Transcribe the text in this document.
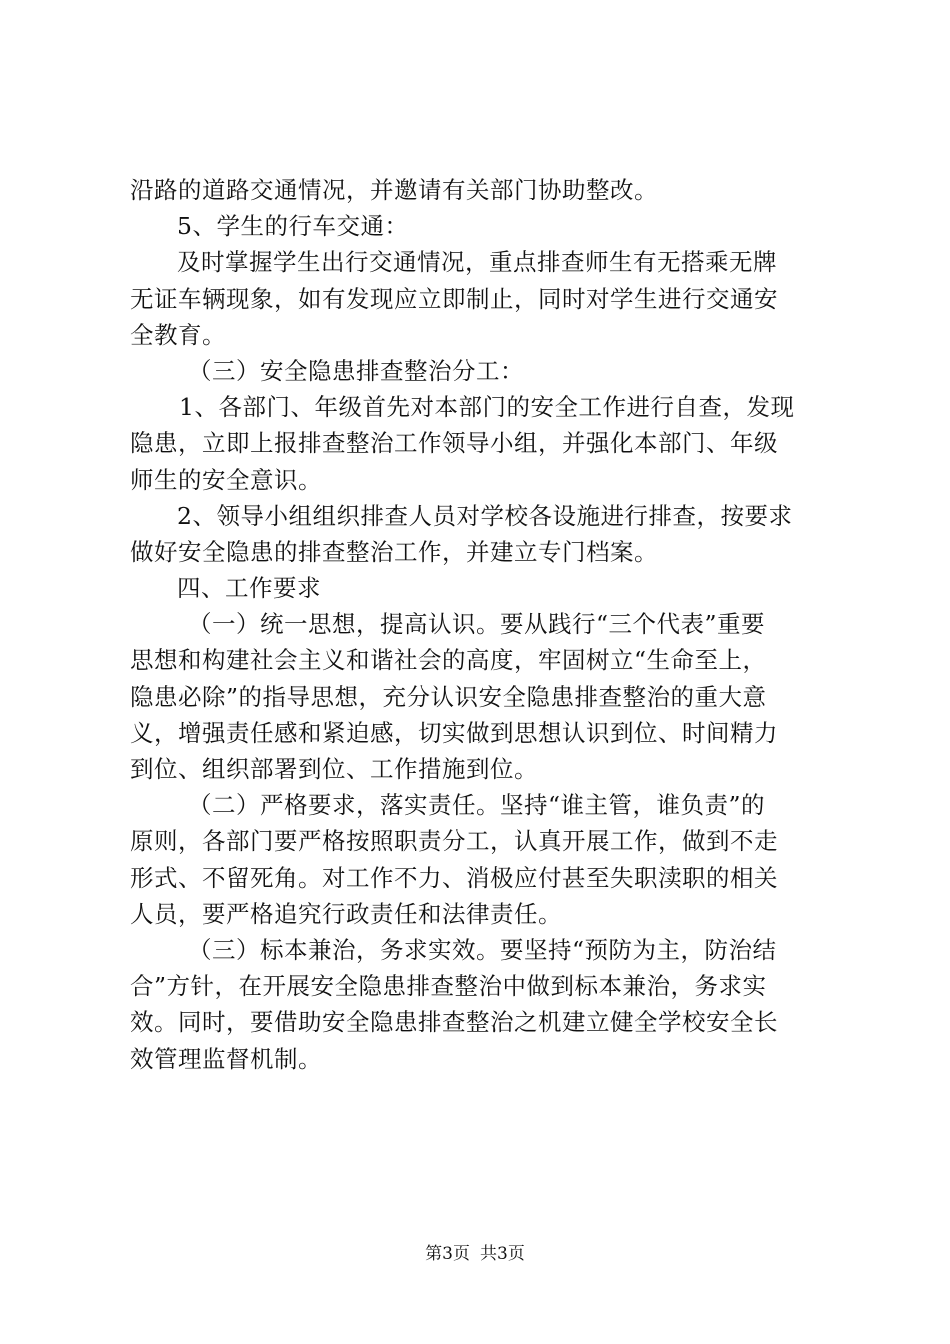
沿路的道路交通情况，并邀请有关部门协助整改。
5、学生的行车交通：
及时掌握学生出行交通情况，重点排查师生有无搭乘无牌
无证车辆现象，如有发现应立即制止，同时对学生进行交通安
全教育。
（三）安全隐患排查整治分工：
1、各部门、年级首先对本部门的安全工作进行自查，发现
隐患，立即上报排查整治工作领导小组，并强化本部门、年级
师生的安全意识。
2、领导小组组织排查人员对学校各设施进行排查，按要求
做好安全隐患的排查整治工作，并建立专门档案。
四、工作要求
（一）统一思想，提高认识。要从践行“三个代表”重要
思想和构建社会主义和谐社会的高度，牢固树立“生命至上，
隐患必除”的指导思想，充分认识安全隐患排查整治的重大意
义，增强责任感和紧迫感，切实做到思想认识到位、时间精力
到位、组织部署到位、工作措施到位。
（二）严格要求，落实责任。坚持“谁主管，谁负责”的
原则，各部门要严格按照职责分工，认真开展工作，做到不走
形式、不留死角。对工作不力、消极应付甚至失职渎职的相关
人员，要严格追究行政责任和法律责任。
（三）标本兼治，务求实效。要坚持“预防为主，防治结
合”方针，在开展安全隐患排查整治中做到标本兼治，务求实
效。同时，要借助安全隐患排查整治之机建立健全学校安全长
效管理监督机制。
第3页 共3页
